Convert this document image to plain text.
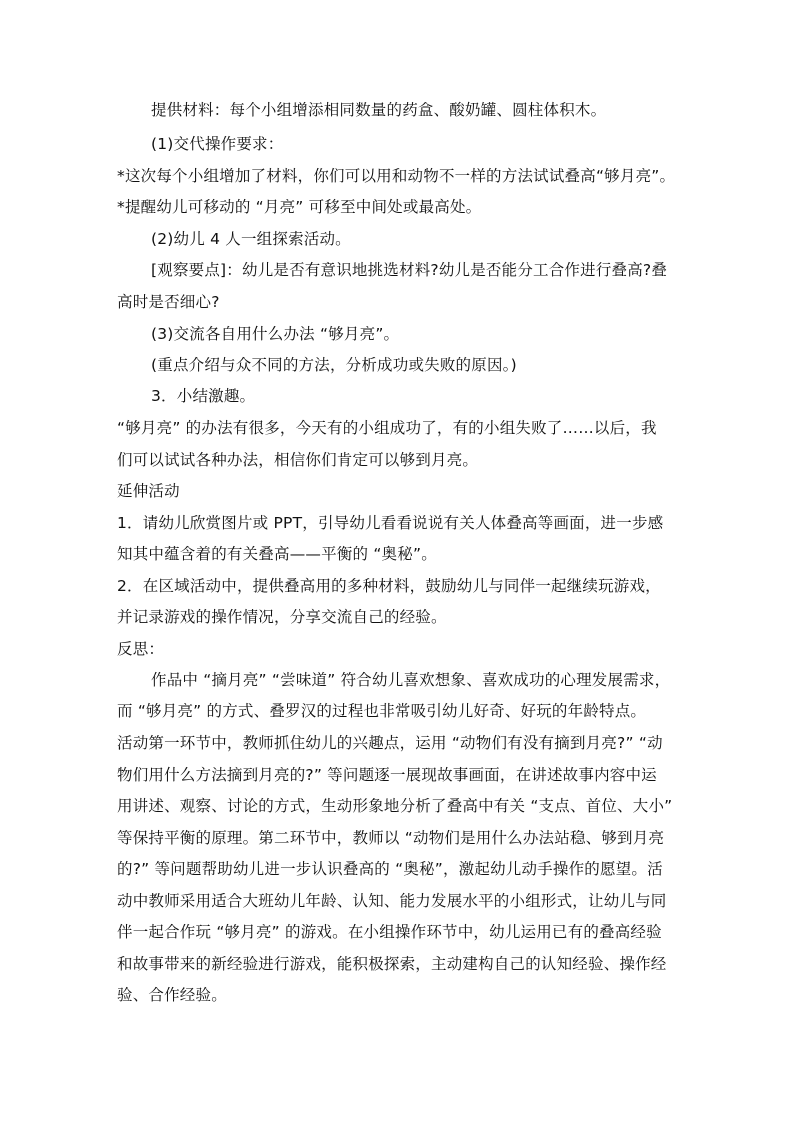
提供材料：每个小组增添相同数量的药盒、酸奶罐、圆柱体积木。
(1)交代操作要求：
*这次每个小组增加了材料，你们可以用和动物不一样的方法试试叠高“够月亮”。
*提醒幼儿可移动的 “月亮” 可移至中间处或最高处。
(2)幼儿 4 人一组探索活动。
[观察要点]：幼儿是否有意识地挑选材料?幼儿是否能分工合作进行叠高?叠
高时是否细心?
(3)交流各自用什么办法 “够月亮”。
(重点介绍与众不同的方法，分析成功或失败的原因。)
3．小结激趣。
“够月亮” 的办法有很多，今天有的小组成功了，有的小组失败了……以后，我
们可以试试各种办法，相信你们肯定可以够到月亮。
延伸活动
1．请幼儿欣赏图片或 PPT，引导幼儿看看说说有关人体叠高等画面，进一步感
知其中蕴含着的有关叠高——平衡的 “奥秘”。
2．在区域活动中，提供叠高用的多种材料，鼓励幼儿与同伴一起继续玩游戏，
并记录游戏的操作情况，分享交流自己的经验。
反思：
作品中 “摘月亮” “尝味道” 符合幼儿喜欢想象、喜欢成功的心理发展需求，
而 “够月亮” 的方式、叠罗汉的过程也非常吸引幼儿好奇、好玩的年龄特点。
活动第一环节中，教师抓住幼儿的兴趣点，运用 “动物们有没有摘到月亮?” “动
物们用什么方法摘到月亮的?” 等问题逐一展现故事画面，在讲述故事内容中运
用讲述、观察、讨论的方式，生动形象地分析了叠高中有关 “支点、首位、大小”
等保持平衡的原理。第二环节中，教师以 “动物们是用什么办法站稳、够到月亮
的?” 等问题帮助幼儿进一步认识叠高的 “奥秘”，激起幼儿动手操作的愿望。活
动中教师采用适合大班幼儿年龄、认知、能力发展水平的小组形式，让幼儿与同
伴一起合作玩 “够月亮” 的游戏。在小组操作环节中，幼儿运用已有的叠高经验
和故事带来的新经验进行游戏，能积极探索，主动建构自己的认知经验、操作经
验、合作经验。
